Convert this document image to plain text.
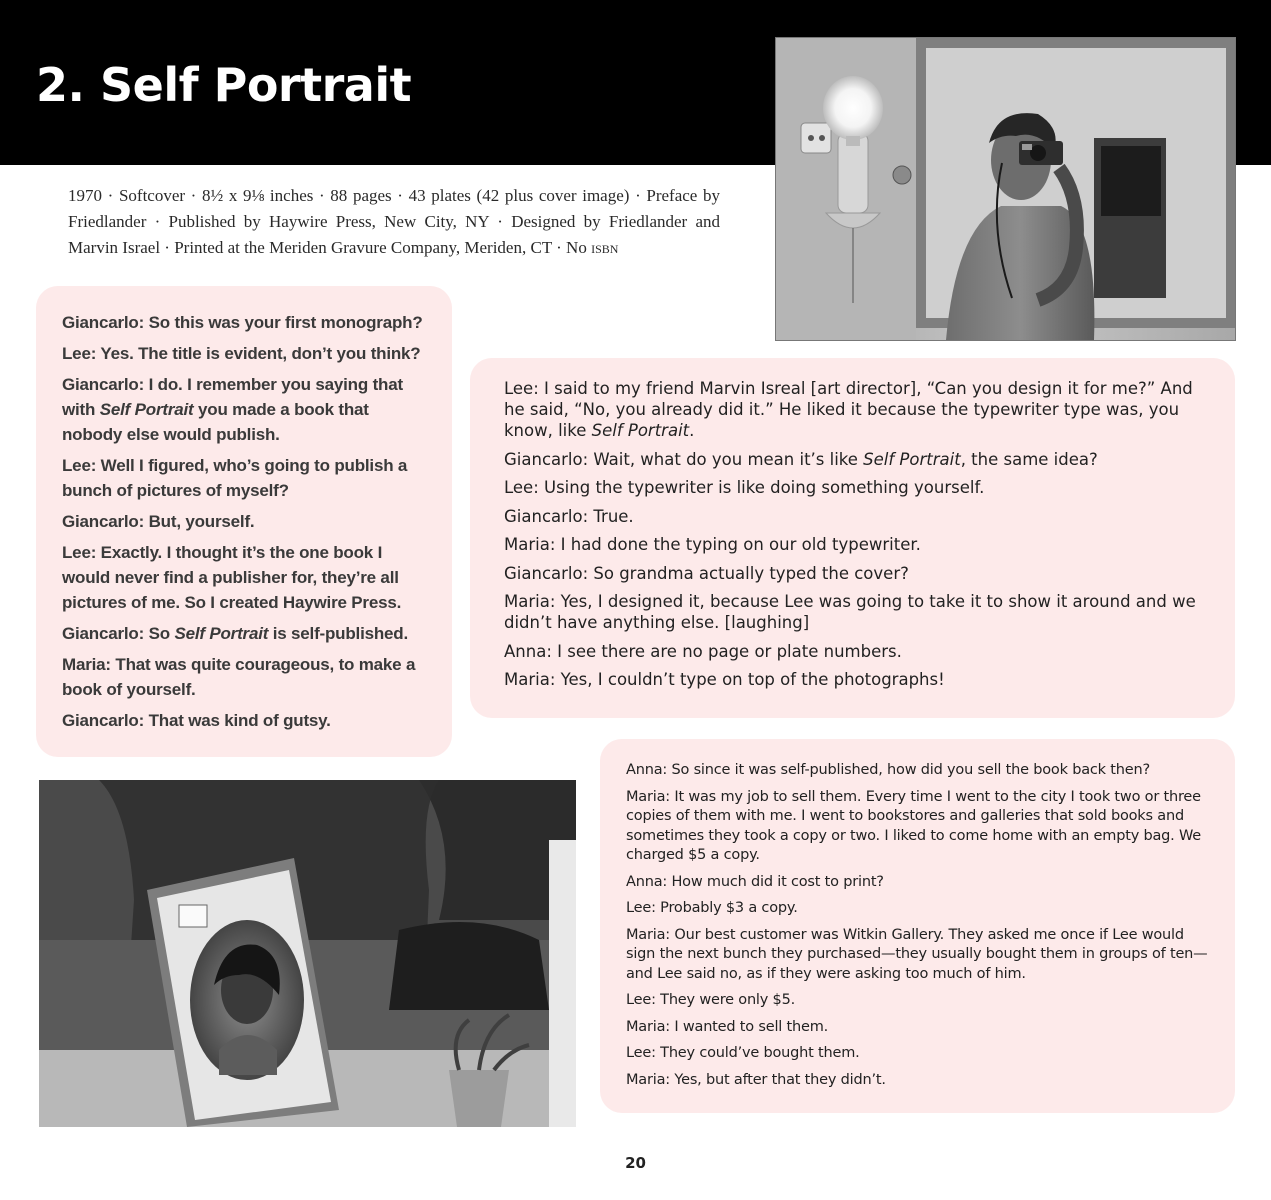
2. Self Portrait

1970 · Softcover · 8½ x 9⅛ inches · 88 pages · 43 plates (42 plus cover image) · Preface by Friedlander · Published by Haywire Press, New City, NY · Designed by Friedlander and Marvin Israel · Printed at the Meriden Gravure Company, Meriden, CT · No isbn

Giancarlo: So this was your first monograph?

Lee: Yes. The title is evident, don’t you think?

Giancarlo: I do. I remember you saying that with Self Portrait you made a book that nobody else would publish.

Lee: Well I figured, who’s going to publish a bunch of pictures of myself?

Giancarlo: But, yourself.

Lee: Exactly. I thought it’s the one book I would never find a publisher for, they’re all pictures of me. So I created Haywire Press.

Giancarlo: So Self Portrait is self-published.

Maria: That was quite courageous, to make a book of yourself.

Giancarlo: That was kind of gutsy.

Lee: I said to my friend Marvin Isreal [art director], “Can you design it for me?” And he said, “No, you already did it.” He liked it because the typewriter type was, you know, like Self Portrait.

Giancarlo: Wait, what do you mean it’s like Self Portrait, the same idea?

Lee: Using the typewriter is like doing something yourself.

Giancarlo: True.

Maria: I had done the typing on our old typewriter.

Giancarlo: So grandma actually typed the cover?

Maria: Yes, I designed it, because Lee was going to take it to show it around and we didn’t have anything else. [laughing]

Anna: I see there are no page or plate numbers.

Maria: Yes, I couldn’t type on top of the photographs!

Anna: So since it was self-published, how did you sell the book back then?

Maria: It was my job to sell them. Every time I went to the city I took two or three copies of them with me. I went to bookstores and galleries that sold books and sometimes they took a copy or two. I liked to come home with an empty bag. We charged $5 a copy.

Anna: How much did it cost to print?

Lee: Probably $3 a copy.

Maria: Our best customer was Witkin Gallery. They asked me once if Lee would sign the next bunch they purchased—they usually bought them in groups of ten—and Lee said no, as if they were asking too much of him.

Lee: They were only $5.

Maria: I wanted to sell them.

Lee: They could’ve bought them.

Maria: Yes, but after that they didn’t.

20
